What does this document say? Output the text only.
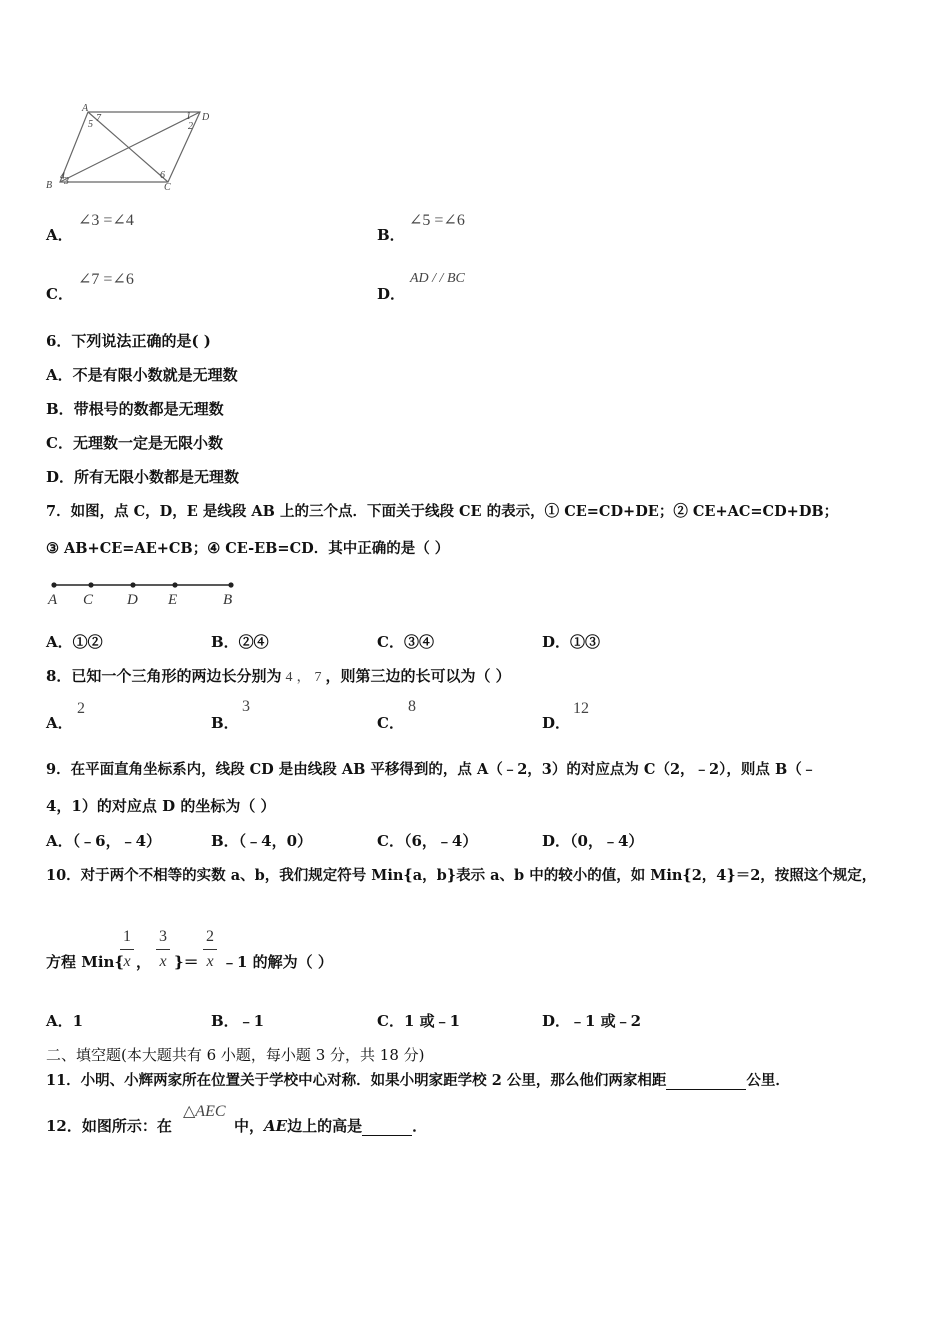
A
D
B	C
1
2
5
7
4 3
6
A．
∠3 =∠4
B．
∠5 =∠6
C．
∠7 =∠6
D．
AD / / BC
6．下列说法正确的是( )
A．不是有限小数就是无理数
B．带根号的数都是无理数
C．无理数一定是无限小数
D．所有无限小数都是无理数
7．如图，点 C，D，E 是线段 AB 上的三个点．下面关于线段 CE 的表示，① CE=CD+DE；② CE+AC=CD+DB；
③ AB+CE=AE+CB；④ CE-EB=CD．其中正确的是（ ）
A C D E	B
A．①②	B．②④	C．③④	D．①③
8．已知一个三角形的两边长分别为 4 ， 7 ，则第三边的长可以为（ ）
A．
2
B．
3
C．
8
D．
12
9．在平面直角坐标系内，线段 CD 是由线段 AB 平移得到的，点 A（﹣2，3）的对应点为 C（2，﹣2），则点 B（﹣
4，1）的对应点 D 的坐标为（ ）
A．（﹣6，﹣4）	B．（﹣4，0）	C．（6，﹣4）	D．（0，﹣4）
10．对于两个不相等的实数 a、b，我们规定符号 Min{a，b}表示 a、b 中的较小的值，如 Min{2，4}＝2，按照这个规定，
方程 Min{
1
x ，
3
x }＝
2
x ﹣1 的解为（ ）
A．1	B．﹣1	C．1 或﹣1	D．﹣1 或﹣2
二、填空题(本大题共有 6 小题，每小题 3 分，共 18 分)
11．小明、小辉两家所在位置关于学校中心对称．如果小明家距学校 2 公里，那么他们两家相距	公里．
12．如图所示：在
△AEC
中，AE边上的高是	．
